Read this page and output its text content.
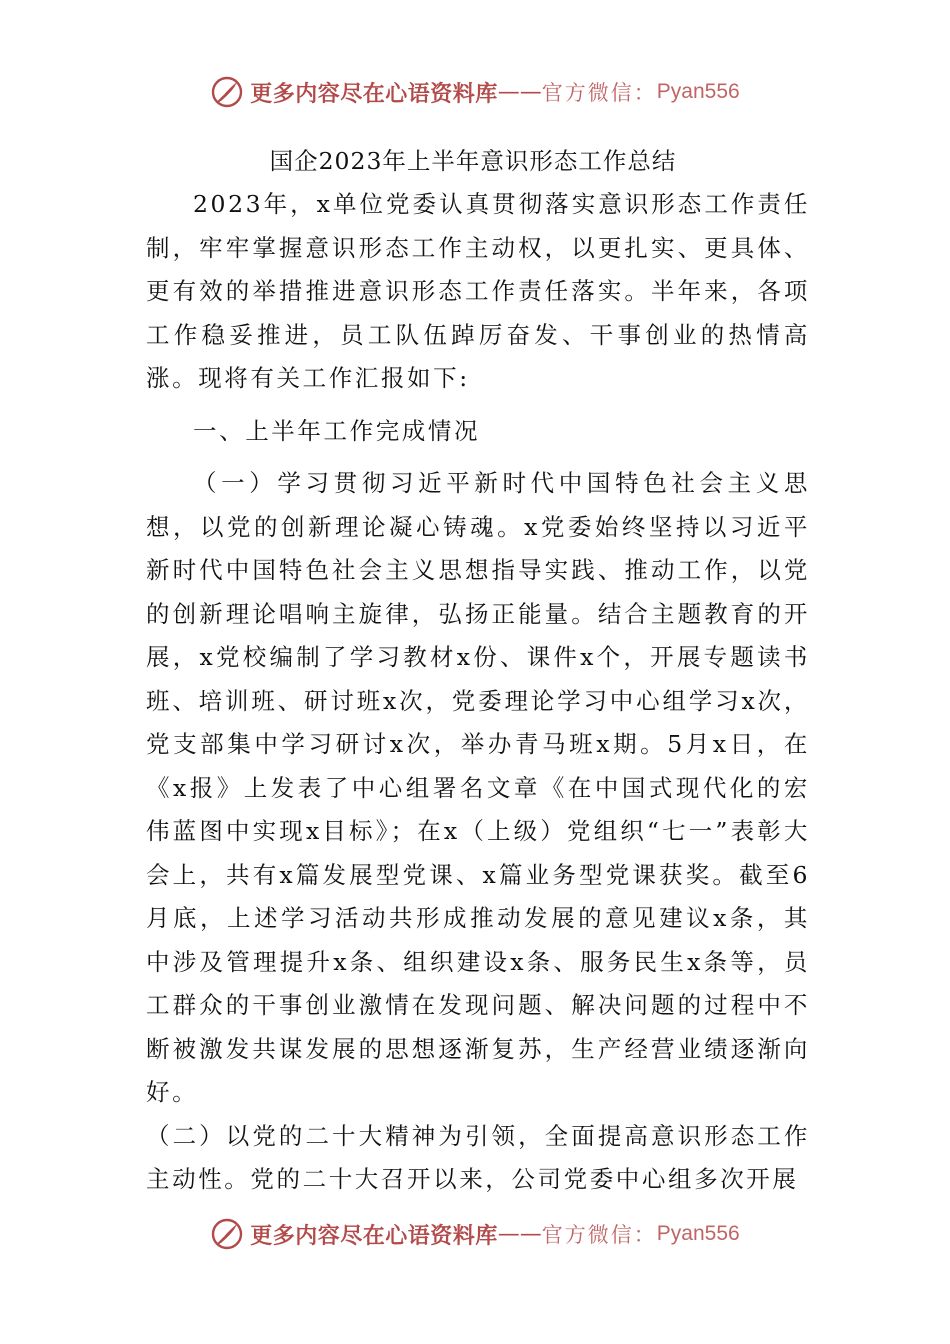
更多内容尽在心语资料库 —— 官方微信： Pyan556
国企2023年上半年意识形态工作总结

2023年，x单位党委认真贯彻落实意识形态工作责任制，牢牢掌握意识形态工作主动权，以更扎实、更具体、更有效的举措推进意识形态工作责任落实。半年来，各项工作稳妥推进，员工队伍踔厉奋发、干事创业的热情高涨。现将有关工作汇报如下:

一、上半年工作完成情况

（一）学习贯彻习近平新时代中国特色社会主义思想，以党的创新理论凝心铸魂。x党委始终坚持以习近平新时代中国特色社会主义思想指导实践、推动工作，以党的创新理论唱响主旋律，弘扬正能量。结合主题教育的开展，x党校编制了学习教材x份、课件x个，开展专题读书班、培训班、研讨班x次，党委理论学习中心组学习x次，党支部集中学习研讨x次，举办青马班x期。5月x日，在《x报》上发表了中心组署名文章《在中国式现代化的宏伟蓝图中实现x目标》；在x（上级）党组织“七一”表彰大会上，共有x篇发展型党课、x篇业务型党课获奖。截至6月底，上述学习活动共形成推动发展的意见建议x条，其中涉及管理提升x条、组织建设x条、服务民生x条等，员工群众的干事创业激情在发现问题、解决问题的过程中不断被激发共谋发展的思想逐渐复苏，生产经营业绩逐渐向好。

（二）以党的二十大精神为引领，全面提高意识形态工作主动性。党的二十大召开以来，公司党委中心组多次开展

更多内容尽在心语资料库 —— 官方微信： Pyan556
